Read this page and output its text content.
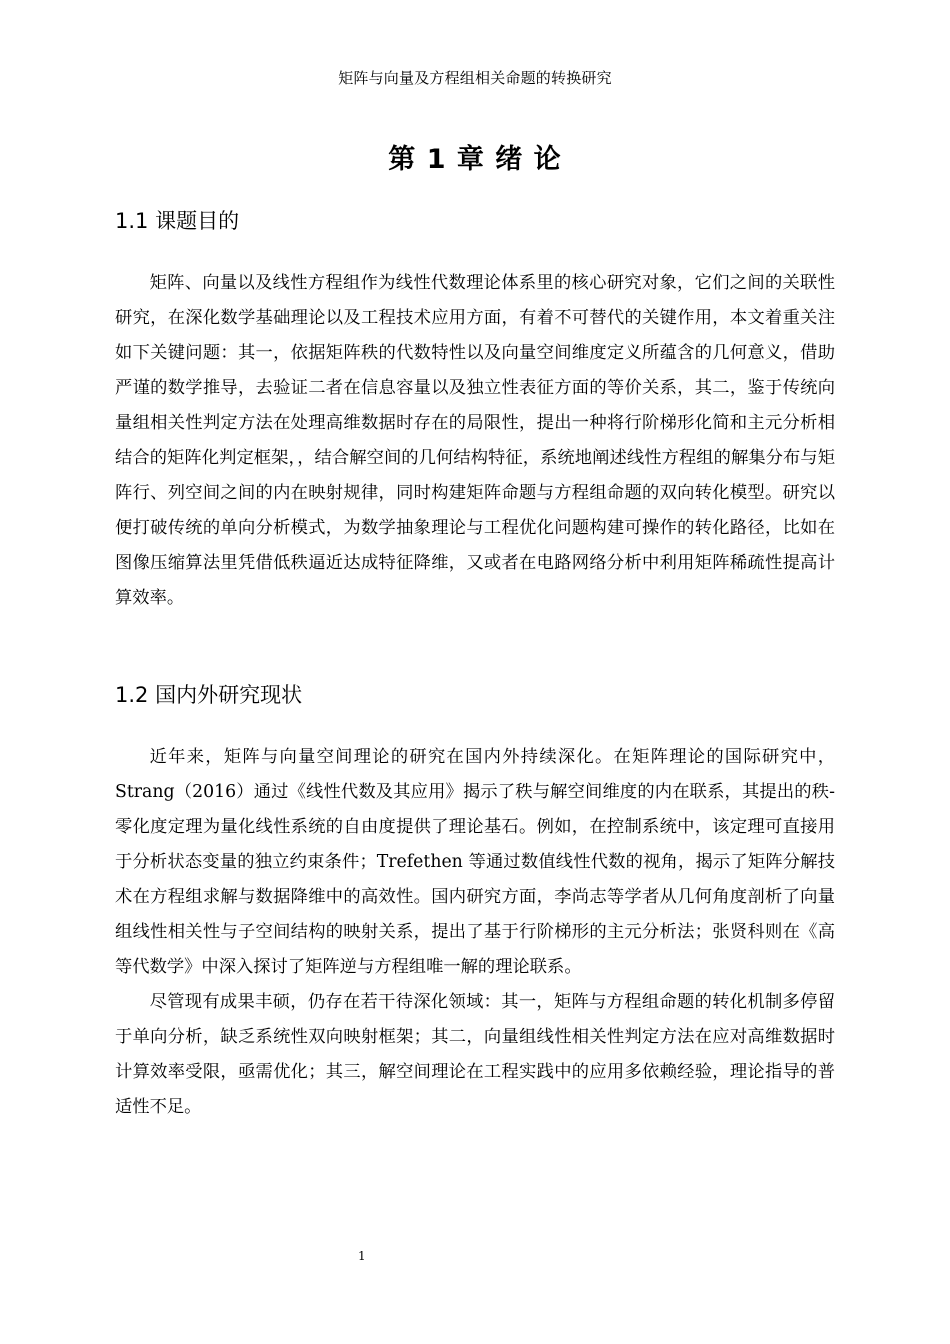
矩阵与向量及方程组相关命题的转换研究
第 1 章 绪 论
1.1 课题目的

矩阵、向量以及线性方程组作为线性代数理论体系里的核心研究对象，它们之间的关联性研究，在深化数学基础理论以及工程技术应用方面，有着不可替代的关键作用，本文着重关注如下关键问题：其一，依据矩阵秩的代数特性以及向量空间维度定义所蕴含的几何意义，借助严谨的数学推导，去验证二者在信息容量以及独立性表征方面的等价关系，其二，鉴于传统向量组相关性判定方法在处理高维数据时存在的局限性，提出一种将行阶梯形化简和主元分析相结合的矩阵化判定框架，，结合解空间的几何结构特征，系统地阐述线性方程组的解集分布与矩阵行、列空间之间的内在映射规律，同时构建矩阵命题与方程组命题的双向转化模型。研究以便打破传统的单向分析模式，为数学抽象理论与工程优化问题构建可操作的转化路径，比如在图像压缩算法里凭借低秩逼近达成特征降维，又或者在电路网络分析中利用矩阵稀疏性提高计算效率。

1.2 国内外研究现状

近年来，矩阵与向量空间理论的研究在国内外持续深化。在矩阵理论的国际研究中，Strang（2016）通过《线性代数及其应用》揭示了秩与解空间维度的内在联系，其提出的秩-零化度定理为量化线性系统的自由度提供了理论基石。例如，在控制系统中，该定理可直接用于分析状态变量的独立约束条件；Trefethen 等通过数值线性代数的视角，揭示了矩阵分解技术在方程组求解与数据降维中的高效性。国内研究方面，李尚志等学者从几何角度剖析了向量组线性相关性与子空间结构的映射关系，提出了基于行阶梯形的主元分析法；张贤科则在《高等代数学》中深入探讨了矩阵逆与方程组唯一解的理论联系。

尽管现有成果丰硕，仍存在若干待深化领域：其一，矩阵与方程组命题的转化机制多停留于单向分析，缺乏系统性双向映射框架；其二，向量组线性相关性判定方法在应对高维数据时计算效率受限，亟需优化；其三，解空间理论在工程实践中的应用多依赖经验，理论指导的普适性不足。

1
